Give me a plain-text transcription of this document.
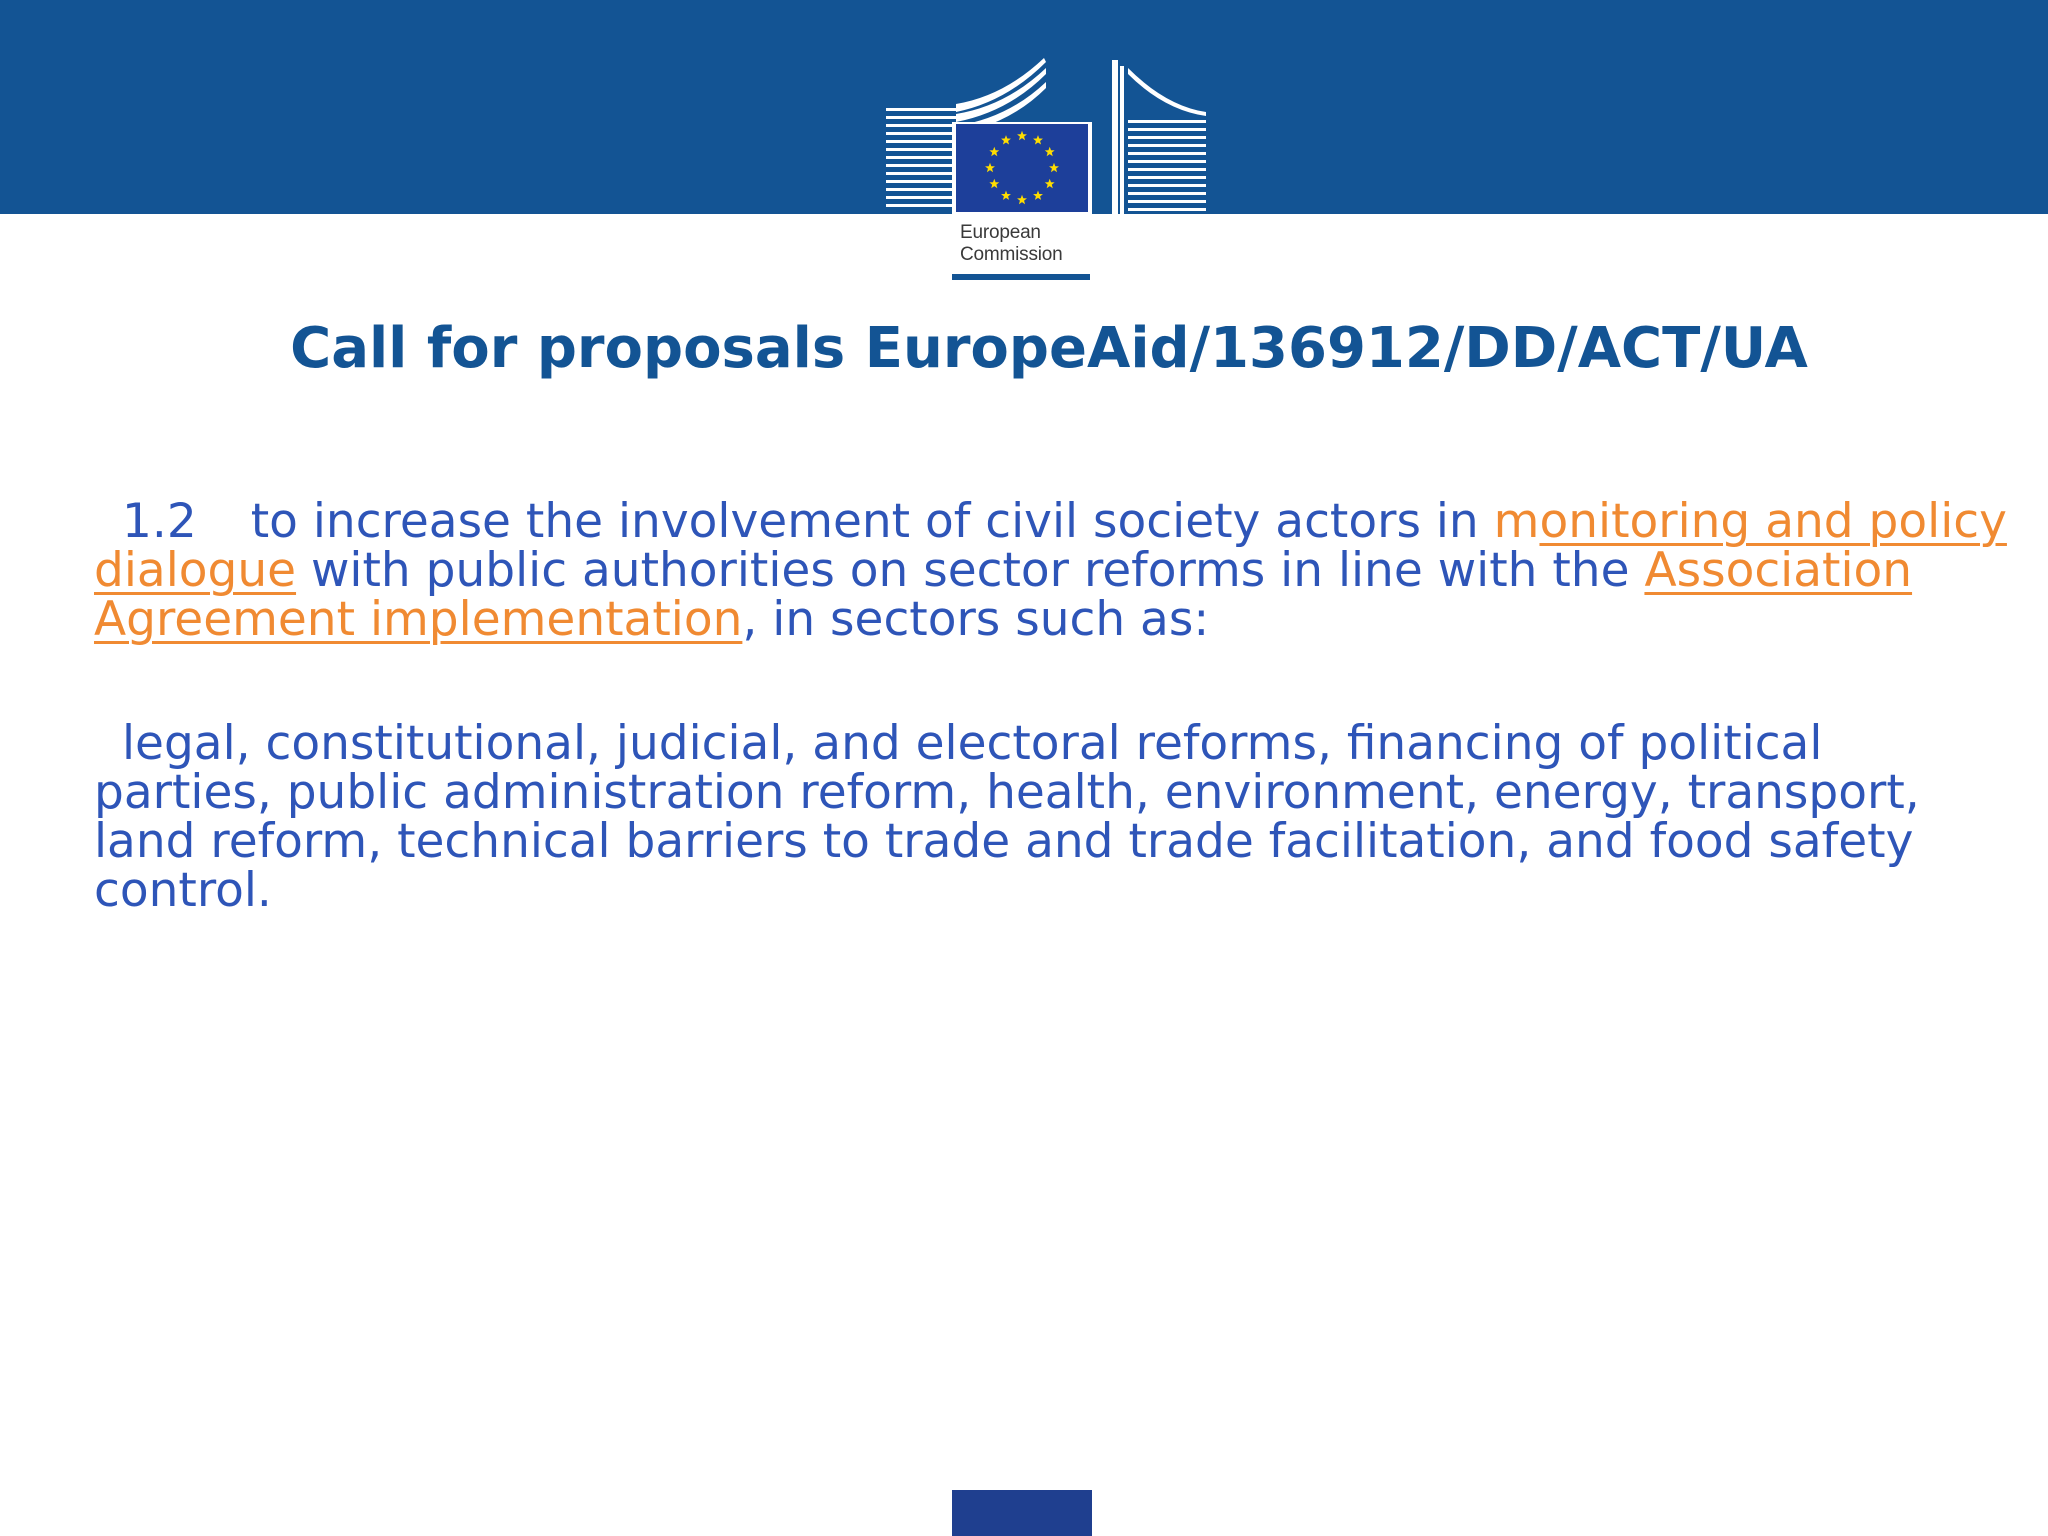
European
Commission
Call for proposals EuropeAid/136912/DD/ACT/UA

1.2 to increase the involvement of civil society actors in monitoring and policy dialogue with public authorities on sector reforms in line with the Association Agreement implementation, in sectors such as:

legal, constitutional, judicial, and electoral reforms, financing of political parties, public administration reform, health, environment, energy, transport, land reform, technical barriers to trade and trade facilitation, and food safety control.
